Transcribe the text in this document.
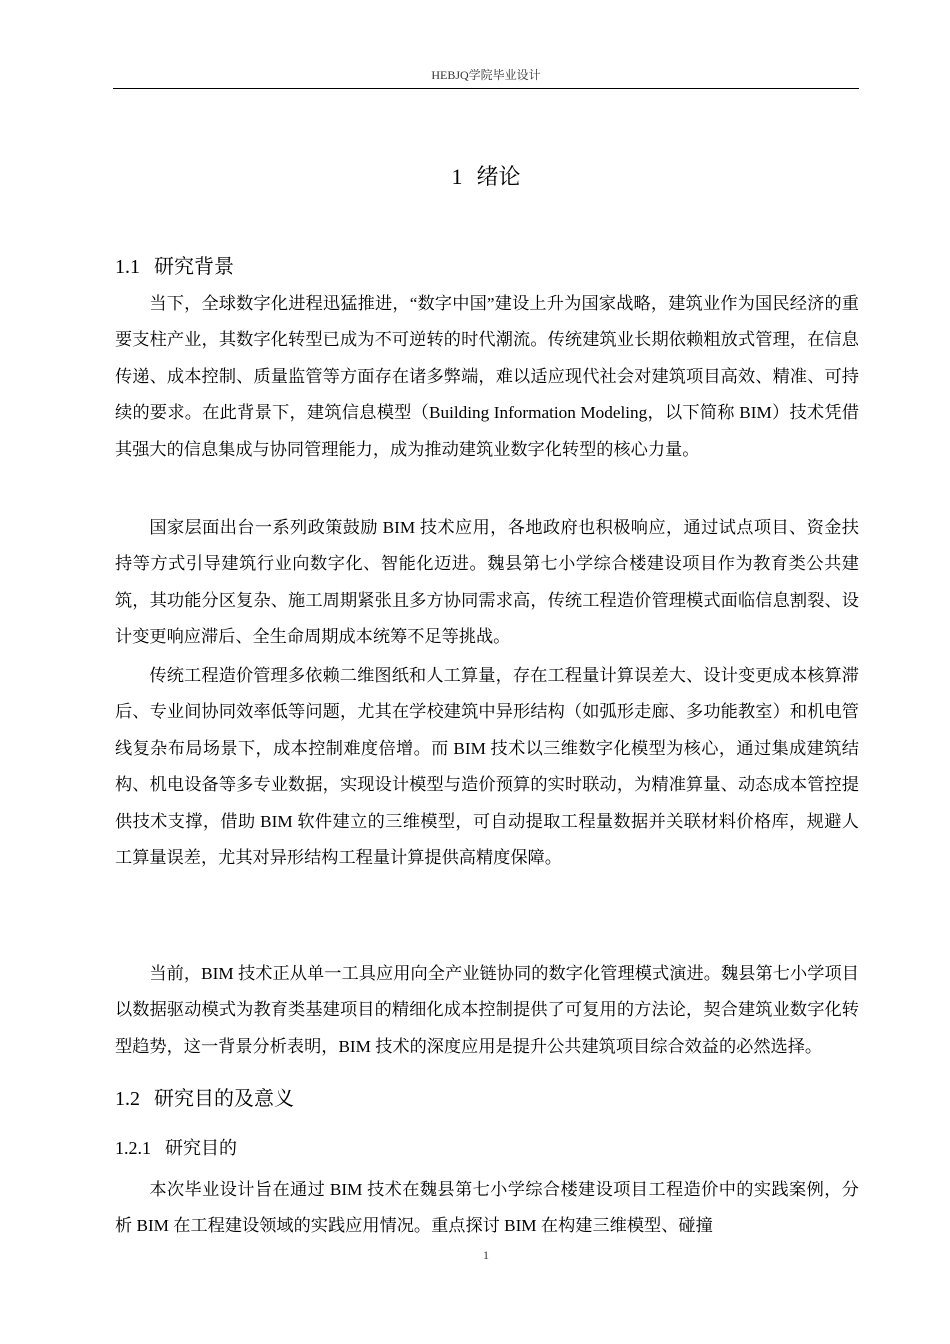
HEBJQ学院毕业设计
1 绪论
1.1 研究背景

当下，全球数字化进程迅猛推进，“数字中国”建设上升为国家战略，建筑业作为国民经济的重要支柱产业，其数字化转型已成为不可逆转的时代潮流。传统建筑业长期依赖粗放式管理，在信息传递、成本控制、质量监管等方面存在诸多弊端，难以适应现代社会对建筑项目高效、精准、可持续的要求。在此背景下，建筑信息模型（Building Information Modeling，以下简称 BIM）技术凭借其强大的信息集成与协同管理能力，成为推动建筑业数字化转型的核心力量。

国家层面出台一系列政策鼓励 BIM 技术应用，各地政府也积极响应，通过试点项目、资金扶持等方式引导建筑行业向数字化、智能化迈进。魏县第七小学综合楼建设项目作为教育类公共建筑，其功能分区复杂、施工周期紧张且多方协同需求高，传统工程造价管理模式面临信息割裂、设计变更响应滞后、全生命周期成本统筹不足等挑战。

传统工程造价管理多依赖二维图纸和人工算量，存在工程量计算误差大、设计变更成本核算滞后、专业间协同效率低等问题，尤其在学校建筑中异形结构（如弧形走廊、多功能教室）和机电管线复杂布局场景下，成本控制难度倍增。而 BIM 技术以三维数字化模型为核心，通过集成建筑结构、机电设备等多专业数据，实现设计模型与造价预算的实时联动，为精准算量、动态成本管控提供技术支撑，借助 BIM 软件建立的三维模型，可自动提取工程量数据并关联材料价格库，规避人工算量误差，尤其对异形结构工程量计算提供高精度保障。

当前，BIM 技术正从单一工具应用向全产业链协同的数字化管理模式演进。魏县第七小学项目以数据驱动模式为教育类基建项目的精细化成本控制提供了可复用的方法论，契合建筑业数字化转型趋势，这一背景分析表明，BIM 技术的深度应用是提升公共建筑项目综合效益的必然选择。

1.2 研究目的及意义
1.2.1 研究目的

本次毕业设计旨在通过 BIM 技术在魏县第七小学综合楼建设项目工程造价中的实践案例，分析 BIM 在工程建设领域的实践应用情况。重点探讨 BIM 在构建三维模型、碰撞

1
